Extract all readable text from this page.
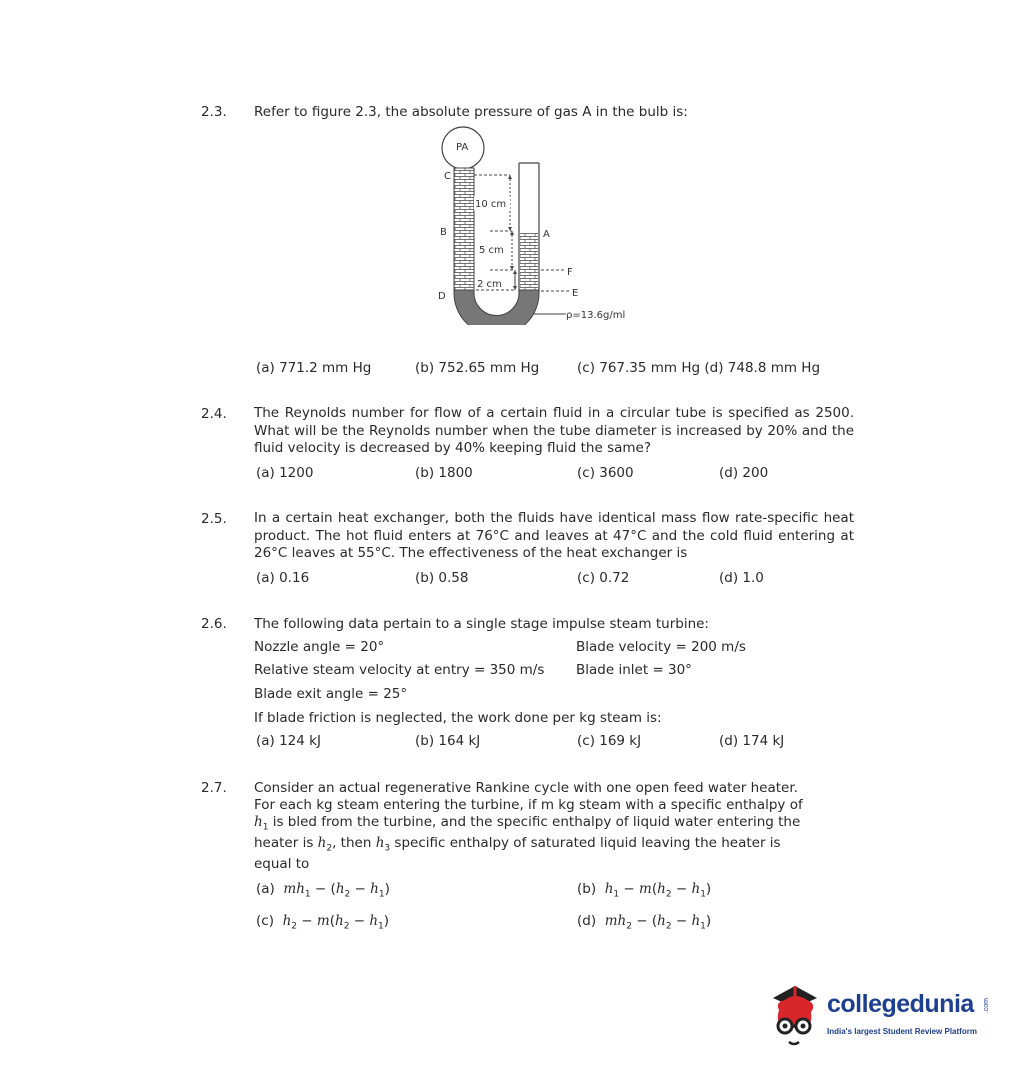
2.3. Refer to figure 2.3, the absolute pressure of gas A in the bulb is:
PA
C
B
D
A
F
E
10 cm
5 cm
2 cm
ρ=13.6g/ml
(a) 771.2 mm Hg	(b) 752.65 mm Hg	(c) 767.35 mm Hg (d) 748.8 mm Hg
2.4. The Reynolds number for flow of a certain fluid in a circular tube is specified as 2500. What will be the Reynolds number when the tube diameter is increased by 20% and the fluid velocity is decreased by 40% keeping fluid the same?
(a) 1200	(b) 1800	(c) 3600	(d) 200
2.5. In a certain heat exchanger, both the fluids have identical mass flow rate-specific heat product. The hot fluid enters at 76°C and leaves at 47°C and the cold fluid entering at 26°C leaves at 55°C. The effectiveness of the heat exchanger is
(a) 0.16	(b) 0.58	(c) 0.72	(d) 1.0
2.6. The following data pertain to a single stage impulse steam turbine:
Nozzle angle = 20°	Blade velocity = 200 m/s
Relative steam velocity at entry = 350 m/s Blade inlet = 30°
Blade exit angle = 25°
If blade friction is neglected, the work done per kg steam is:
(a) 124 kJ	(b) 164 kJ	(c) 169 kJ	(d) 174 kJ
2.7. Consider an actual regenerative Rankine cycle with one open feed water heater.
For each kg steam entering the turbine, if m kg steam with a specific enthalpy of
$h_1$ is bled from the turbine, and the specific enthalpy of liquid water entering the
heater is $h_2$, then $h_3$ specific enthalpy of saturated liquid leaving the heater is
equal to
(a) $mh_1 - (h_2 - h_1)$	(b) $h_1 - m(h_2 - h_1)$
(c) $h_2 - m(h_2 - h_1)$	(d) $mh_2 - (h_2 - h_1)$
collegedunia .com
India's largest Student Review Platform
